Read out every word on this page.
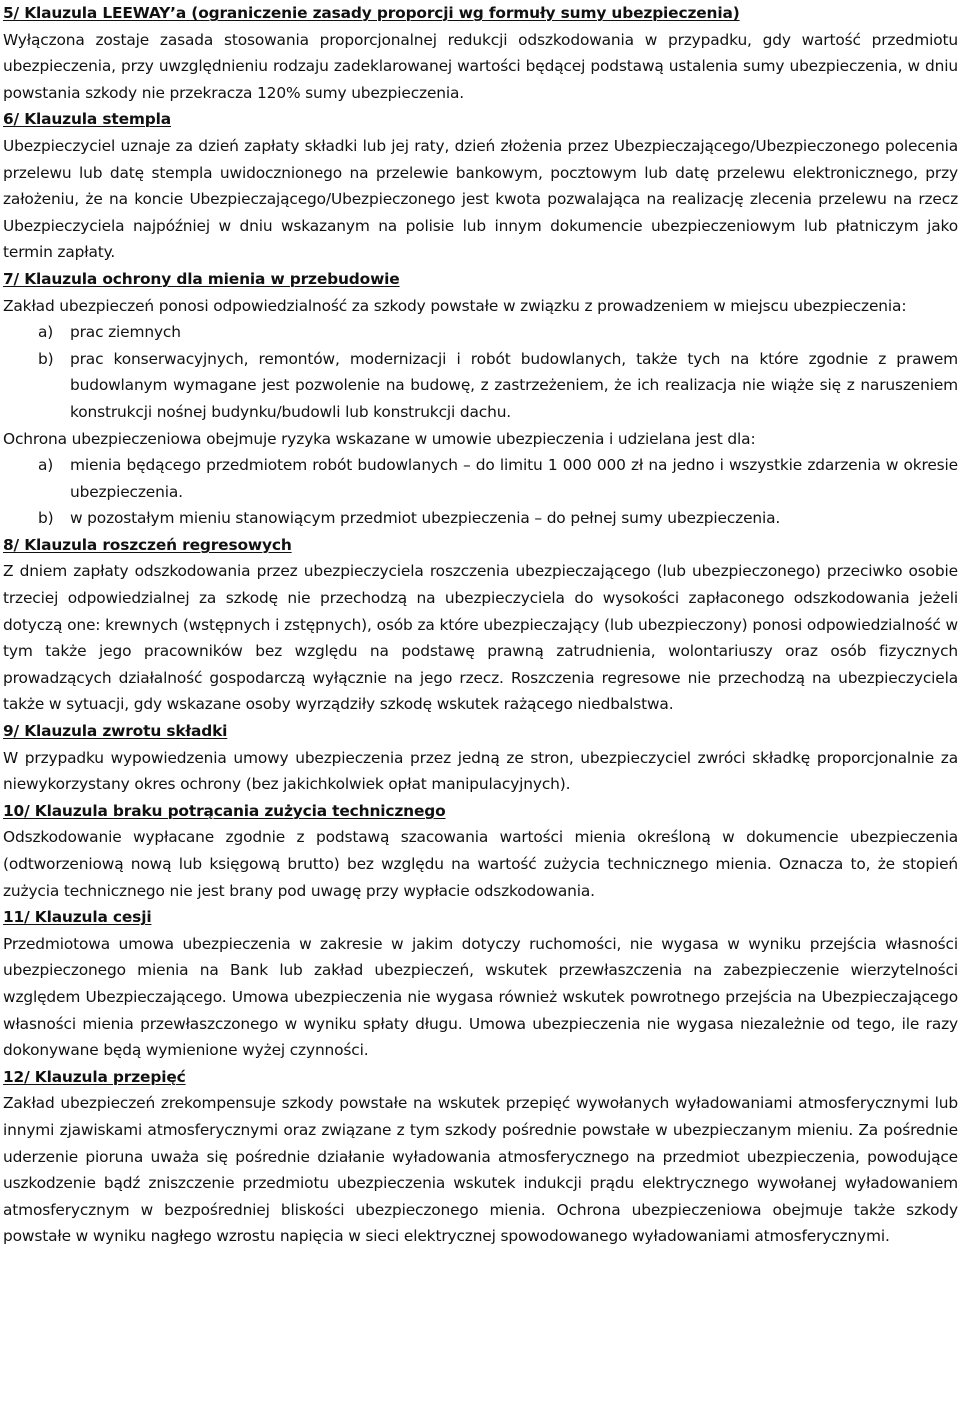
5/ Klauzula LEEWAY’a (ograniczenie zasady proporcji wg formuły sumy ubezpieczenia)

Wyłączona zostaje zasada stosowania proporcjonalnej redukcji odszkodowania w przypadku, gdy wartość przedmiotu ubezpieczenia, przy uwzględnieniu rodzaju zadeklarowanej wartości będącej podstawą ustalenia sumy ubezpieczenia, w dniu powstania szkody nie przekracza 120% sumy ubezpieczenia.

6/ Klauzula stempla

Ubezpieczyciel uznaje za dzień zapłaty składki lub jej raty, dzień złożenia przez Ubezpieczającego/Ubezpieczonego polecenia przelewu lub datę stempla uwidocznionego na przelewie bankowym, pocztowym lub datę przelewu elektronicznego, przy założeniu, że na koncie Ubezpieczającego/Ubezpieczonego jest kwota pozwalająca na realizację zlecenia przelewu na rzecz Ubezpieczyciela najpóźniej w dniu wskazanym na polisie lub innym dokumencie ubezpieczeniowym lub płatniczym jako termin zapłaty.

7/ Klauzula ochrony dla mienia w przebudowie

Zakład ubezpieczeń ponosi odpowiedzialność za szkody powstałe w związku z prowadzeniem w miejscu ubezpieczenia:

a) prac ziemnych
b) prac konserwacyjnych, remontów, modernizacji i robót budowlanych, także tych na które zgodnie z prawem budowlanym wymagane jest pozwolenie na budowę, z zastrzeżeniem, że ich realizacja nie wiąże się z naruszeniem konstrukcji nośnej budynku/budowli lub konstrukcji dachu.

Ochrona ubezpieczeniowa obejmuje ryzyka wskazane w umowie ubezpieczenia i udzielana jest dla:

a) mienia będącego przedmiotem robót budowlanych – do limitu 1 000 000 zł na jedno i wszystkie zdarzenia w okresie ubezpieczenia.
b) w pozostałym mieniu stanowiącym przedmiot ubezpieczenia – do pełnej sumy ubezpieczenia.
8/ Klauzula roszczeń regresowych

Z dniem zapłaty odszkodowania przez ubezpieczyciela roszczenia ubezpieczającego (lub ubezpieczonego) przeciwko osobie trzeciej odpowiedzialnej za szkodę nie przechodzą na ubezpieczyciela do wysokości zapłaconego odszkodowania jeżeli dotyczą one: krewnych (wstępnych i zstępnych), osób za które ubezpieczający (lub ubezpieczony) ponosi odpowiedzialność w tym także jego pracowników bez względu na podstawę prawną zatrudnienia, wolontariuszy oraz osób fizycznych prowadzących działalność gospodarczą wyłącznie na jego rzecz. Roszczenia regresowe nie przechodzą na ubezpieczyciela także w sytuacji, gdy wskazane osoby wyrządziły szkodę wskutek rażącego niedbalstwa.

9/ Klauzula zwrotu składki

W przypadku wypowiedzenia umowy ubezpieczenia przez jedną ze stron, ubezpieczyciel zwróci składkę proporcjonalnie za niewykorzystany okres ochrony (bez jakichkolwiek opłat manipulacyjnych).

10/ Klauzula braku potrącania zużycia technicznego

Odszkodowanie wypłacane zgodnie z podstawą szacowania wartości mienia określoną w dokumencie ubezpieczenia (odtworzeniową nową lub księgową brutto) bez względu na wartość zużycia technicznego mienia. Oznacza to, że stopień zużycia technicznego nie jest brany pod uwagę przy wypłacie odszkodowania.

11/ Klauzula cesji

Przedmiotowa umowa ubezpieczenia w zakresie w jakim dotyczy ruchomości, nie wygasa w wyniku przejścia własności ubezpieczonego mienia na Bank lub zakład ubezpieczeń, wskutek przewłaszczenia na zabezpieczenie wierzytelności względem Ubezpieczającego. Umowa ubezpieczenia nie wygasa również wskutek powrotnego przejścia na Ubezpieczającego własności mienia przewłaszczonego w wyniku spłaty długu. Umowa ubezpieczenia nie wygasa niezależnie od tego, ile razy dokonywane będą wymienione wyżej czynności.

12/ Klauzula przepięć

Zakład ubezpieczeń zrekompensuje szkody powstałe na wskutek przepięć wywołanych wyładowaniami atmosferycznymi lub innymi zjawiskami atmosferycznymi oraz związane z tym szkody pośrednie powstałe w ubezpieczanym mieniu. Za pośrednie uderzenie pioruna uważa się pośrednie działanie wyładowania atmosferycznego na przedmiot ubezpieczenia, powodujące uszkodzenie bądź zniszczenie przedmiotu ubezpieczenia wskutek indukcji prądu elektrycznego wywołanej wyładowaniem atmosferycznym w bezpośredniej bliskości ubezpieczonego mienia. Ochrona ubezpieczeniowa obejmuje także szkody powstałe w wyniku nagłego wzrostu napięcia w sieci elektrycznej spowodowanego wyładowaniami atmosferycznymi.
